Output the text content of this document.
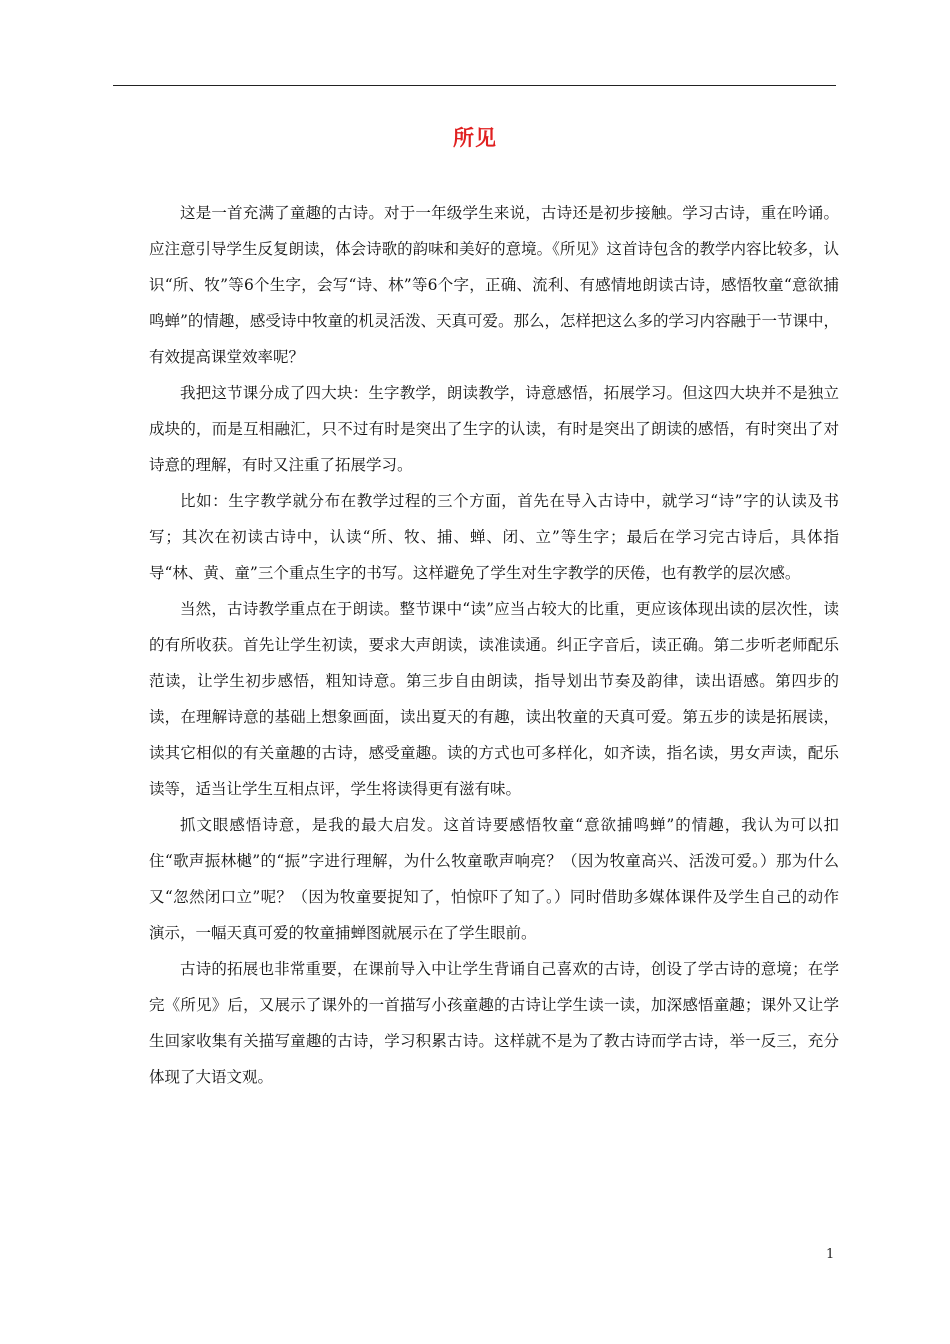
所见

这是一首充满了童趣的古诗。对于一年级学生来说，古诗还是初步接触。学习古诗，重在吟诵。应注意引导学生反复朗读，体会诗歌的韵味和美好的意境。《所见》这首诗包含的教学内容比较多，认识“所、牧”等6个生字，会写“诗、林”等6个字，正确、流利、有感情地朗读古诗，感悟牧童“意欲捕鸣蝉”的情趣，感受诗中牧童的机灵活泼、天真可爱。那么，怎样把这么多的学习内容融于一节课中，有效提高课堂效率呢？

我把这节课分成了四大块：生字教学，朗读教学，诗意感悟，拓展学习。但这四大块并不是独立成块的，而是互相融汇，只不过有时是突出了生字的认读，有时是突出了朗读的感悟，有时突出了对诗意的理解，有时又注重了拓展学习。

比如：生字教学就分布在教学过程的三个方面，首先在导入古诗中，就学习“诗”字的认读及书写；其次在初读古诗中，认读“所、牧、捕、蝉、闭、立”等生字；最后在学习完古诗后，具体指导“林、黄、童”三个重点生字的书写。这样避免了学生对生字教学的厌倦，也有教学的层次感。

当然，古诗教学重点在于朗读。整节课中“读”应当占较大的比重，更应该体现出读的层次性，读的有所收获。首先让学生初读，要求大声朗读，读准读通。纠正字音后，读正确。第二步听老师配乐范读，让学生初步感悟，粗知诗意。第三步自由朗读，指导划出节奏及韵律，读出语感。第四步的读，在理解诗意的基础上想象画面，读出夏天的有趣，读出牧童的天真可爱。第五步的读是拓展读，读其它相似的有关童趣的古诗，感受童趣。读的方式也可多样化，如齐读，指名读，男女声读，配乐读等，适当让学生互相点评，学生将读得更有滋有味。

抓文眼感悟诗意，是我的最大启发。这首诗要感悟牧童“意欲捕鸣蝉”的情趣，我认为可以扣住“歌声振林樾”的“振”字进行理解，为什么牧童歌声响亮？（因为牧童高兴、活泼可爱。）那为什么又“忽然闭口立”呢？（因为牧童要捉知了，怕惊吓了知了。）同时借助多媒体课件及学生自己的动作演示，一幅天真可爱的牧童捕蝉图就展示在了学生眼前。

古诗的拓展也非常重要，在课前导入中让学生背诵自己喜欢的古诗，创设了学古诗的意境；在学完《所见》后，又展示了课外的一首描写小孩童趣的古诗让学生读一读，加深感悟童趣；课外又让学生回家收集有关描写童趣的古诗，学习积累古诗。这样就不是为了教古诗而学古诗，举一反三，充分体现了大语文观。

1
